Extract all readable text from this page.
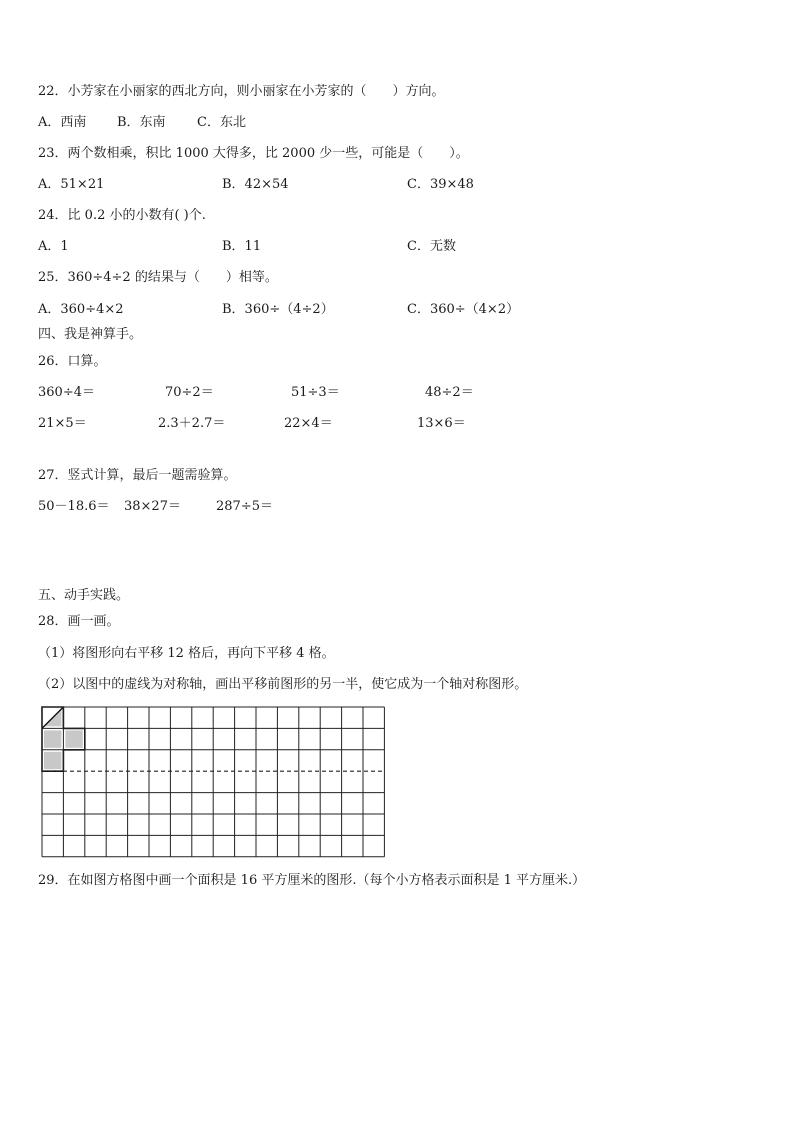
22．小芳家在小丽家的西北方向，则小丽家在小芳家的（　　）方向。
A．西南 B．东南 C．东北
23．两个数相乘，积比 1000 大得多，比 2000 少一些，可能是（　　）。
A．51×21	B．42×54	C．39×48
24．比 0.2 小的小数有( )个.
A．1	B．11	C．无数
25．360÷4÷2 的结果与（　　）相等。
A．360÷4×2	B．360÷（4÷2）	C．360÷（4×2）
四、我是神算手。
26．口算。
360÷4＝	70÷2＝	51÷3＝	48÷2＝
21×5＝	2.3＋2.7＝	22×4＝	13×6＝
27．竖式计算，最后一题需验算。
50－18.6＝ 38×27＝	287÷5＝
五、动手实践。
28．画一画。
（1）将图形向右平移 12 格后，再向下平移 4 格。
（2）以图中的虚线为对称轴，画出平移前图形的另一半，使它成为一个轴对称图形。
29．在如图方格图中画一个面积是 16 平方厘米的图形.（每个小方格表示面积是 1 平方厘米.）
